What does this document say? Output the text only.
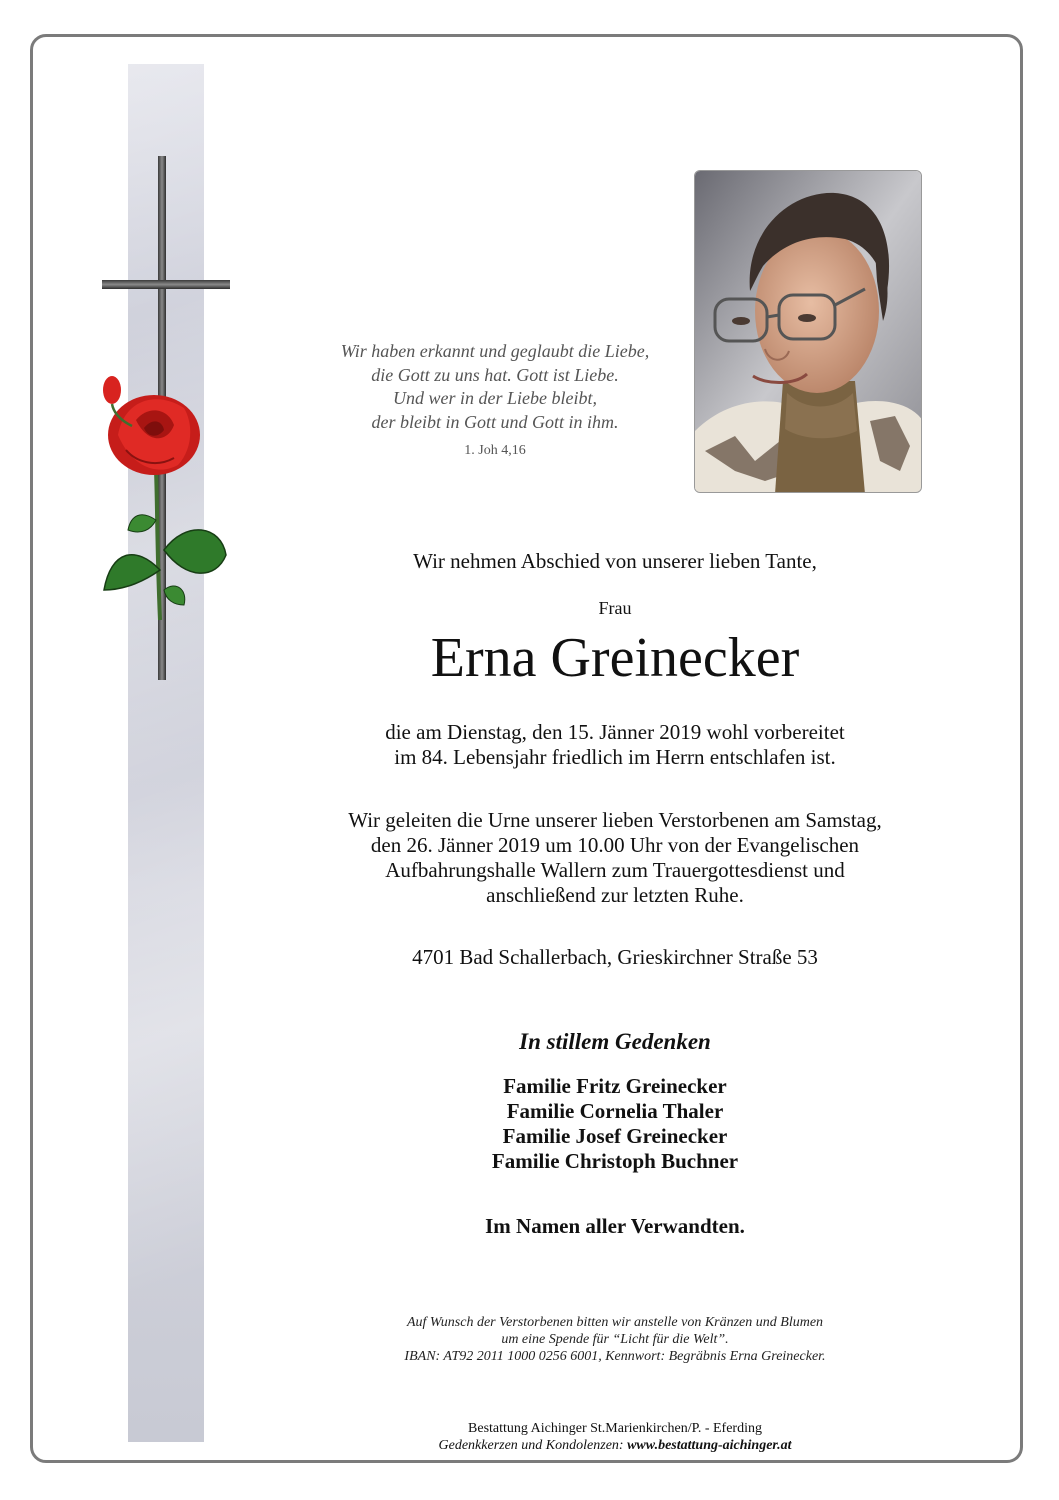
Wir haben erkannt und geglaubt die Liebe,
die Gott zu uns hat. Gott ist Liebe.
Und wer in der Liebe bleibt,
der bleibt in Gott und Gott in ihm.
1. Joh 4,16
Wir nehmen Abschied von unserer lieben Tante,
Frau
Erna Greinecker
die am Dienstag, den 15. Jänner 2019 wohl vorbereitet
im 84. Lebensjahr friedlich im Herrn entschlafen ist.
Wir geleiten die Urne unserer lieben Verstorbenen am Samstag,
den 26. Jänner 2019 um 10.00 Uhr von der Evangelischen
Aufbahrungshalle Wallern zum Trauergottesdienst und
anschließend zur letzten Ruhe.
4701 Bad Schallerbach, Grieskirchner Straße 53
In stillem Gedenken
Familie Fritz Greinecker
Familie Cornelia Thaler
Familie Josef Greinecker
Familie Christoph Buchner
Im Namen aller Verwandten.
Auf Wunsch der Verstorbenen bitten wir anstelle von Kränzen und Blumen
um eine Spende für “Licht für die Welt”.
IBAN: AT92 2011 1000 0256 6001, Kennwort: Begräbnis Erna Greinecker.
Bestattung Aichinger St.Marienkirchen/P. - Eferding
Gedenkkerzen und Kondolenzen: www.bestattung-aichinger.at
